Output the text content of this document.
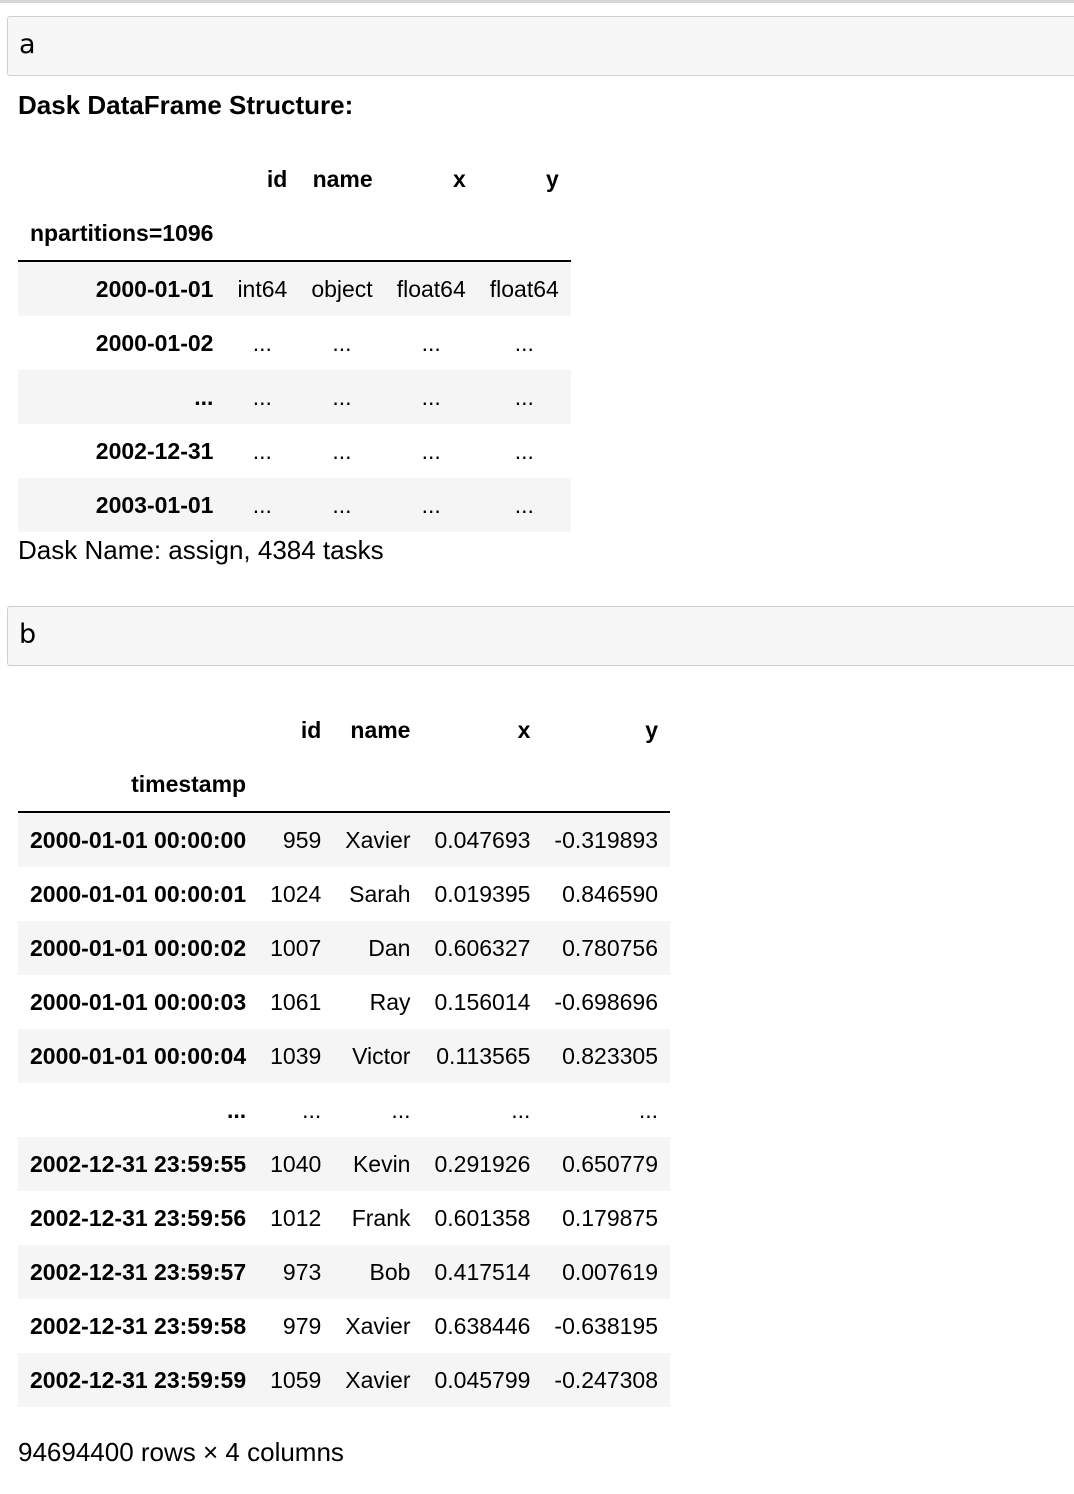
a
Dask DataFrame Structure:
	id	name	x	y
npartitions=1096				
2000-01-01	int64	object	float64	float64
2000-01-02	...	...	...	...
...	...	...	...	...
2002-12-31	...	...	...	...
2003-01-01	...	...	...	...
Dask Name: assign, 4384 tasks
b
	id	name	x	y
timestamp				
2000-01-01 00:00:00	959	Xavier	0.047693	-0.319893
2000-01-01 00:00:01	1024	Sarah	0.019395	0.846590
2000-01-01 00:00:02	1007	Dan	0.606327	0.780756
2000-01-01 00:00:03	1061	Ray	0.156014	-0.698696
2000-01-01 00:00:04	1039	Victor	0.113565	0.823305
...	...	...	...	...
2002-12-31 23:59:55	1040	Kevin	0.291926	0.650779
2002-12-31 23:59:56	1012	Frank	0.601358	0.179875
2002-12-31 23:59:57	973	Bob	0.417514	0.007619
2002-12-31 23:59:58	979	Xavier	0.638446	-0.638195
2002-12-31 23:59:59	1059	Xavier	0.045799	-0.247308
94694400 rows × 4 columns
